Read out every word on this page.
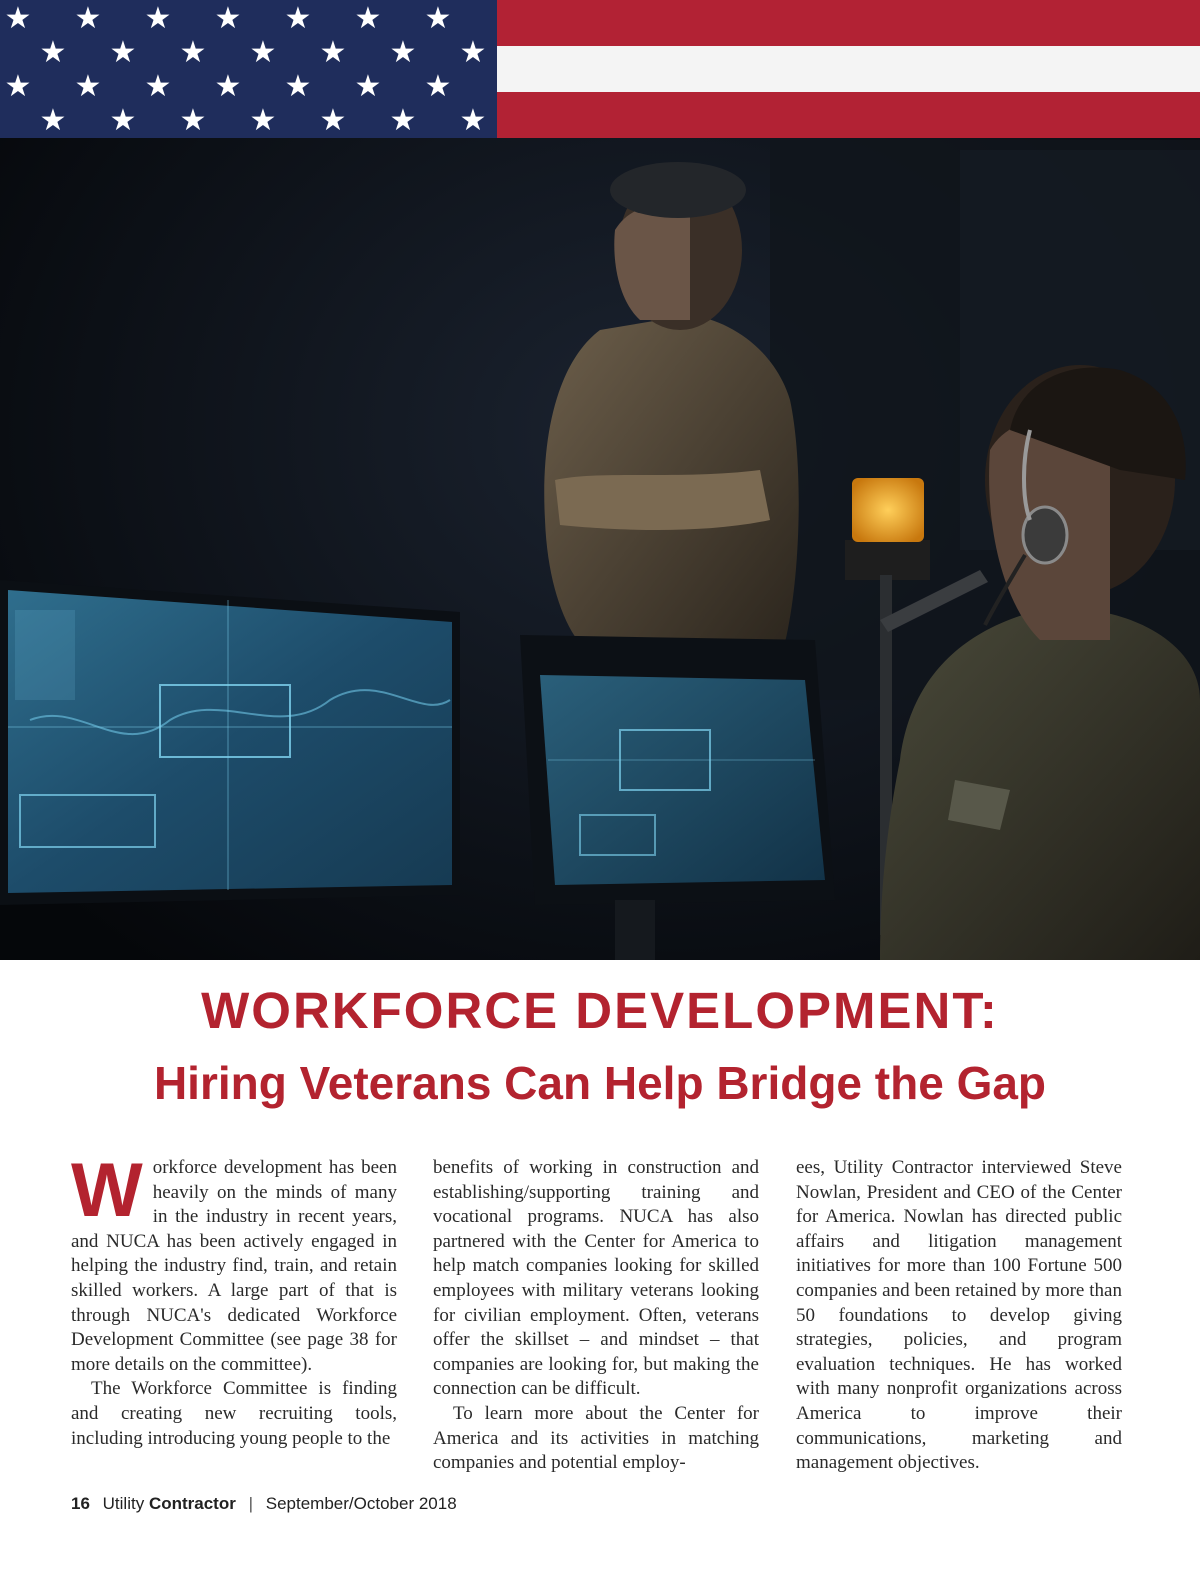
★ ★ ★ ★ ★ ★ ★
★ ★ ★ ★ ★ ★ ★
★ ★ ★ ★ ★ ★ ★
★ ★ ★ ★ ★ ★ ★
WORKFORCE DEVELOPMENT:
Hiring Veterans Can Help Bridge the Gap

Workforce development has been heavily on the minds of many in the industry in recent years, and NUCA has been actively engaged in helping the industry find, train, and retain skilled workers. A large part of that is through NUCA's dedicated Workforce Development Committee (see page 38 for more details on the committee).

The Workforce Committee is finding and creating new recruiting tools, including introducing young people to the

benefits of working in construction and establishing/supporting training and vocational programs. NUCA has also partnered with the Center for America to help match companies looking for skilled employees with military veterans looking for civilian employment. Often, veterans offer the skillset – and mindset – that companies are looking for, but making the connection can be difficult.

To learn more about the Center for America and its activities in matching companies and potential employ-

ees, Utility Contractor interviewed Steve Nowlan, President and CEO of the Center for America. Nowlan has directed public affairs and litigation management initiatives for more than 100 Fortune 500 companies and been retained by more than 50 foundations to develop giving strategies, policies, and program evaluation techniques. He has worked with many nonprofit organizations across America to improve their communications, marketing and management objectives.

16 Utility Contractor | September/October 2018
